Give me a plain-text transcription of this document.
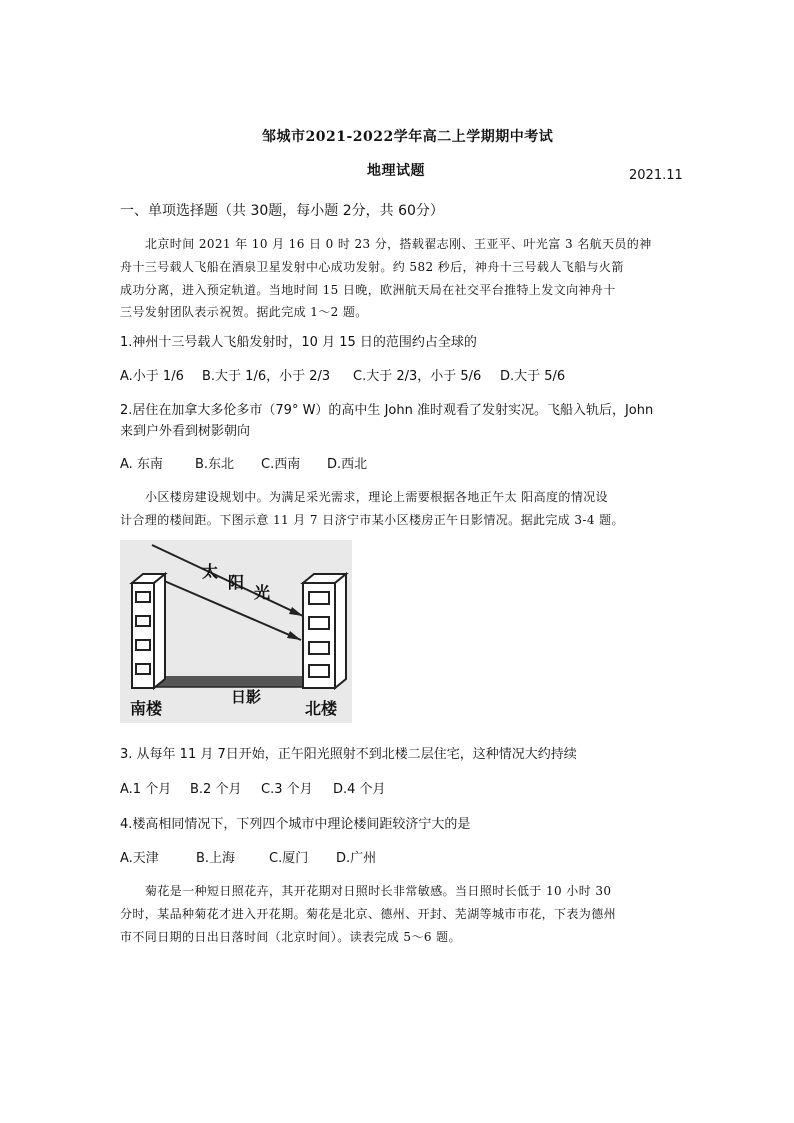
邹城市2021-2022学年高二上学期期中考试
地理试题	2021.11
一、单项选择题（共 30题，每小题 2分，共 60分）
北京时间 2021 年 10 月 16 日 0 时 23 分，搭载翟志刚、王亚平、叶光富 3 名航天员的神
舟十三号载人飞船在酒泉卫星发射中心成功发射。约 582 秒后，神舟十三号载人飞船与火箭
成功分离，进入预定轨道。当地时间 15 日晚，欧洲航天局在社交平台推特上发文向神舟十
三号发射团队表示祝贺。据此完成 1～2 题。
1.神州十三号载人飞船发射时，10 月 15 日的范围约占全球的
A.小于 1/6 B.大于 1/6，小于 2/3 C.大于 2/3，小于 5/6 D.大于 5/6
2.居住在加拿大多伦多市（79° W）的高中生 John 准时观看了发射实况。飞船入轨后，John
来到户外看到树影朝向
A. 东南 B.东北 C.西南 D.西北
小区楼房建设规划中。为满足采光需求，理论上需要根据各地正午太 阳高度的情况设
计合理的楼间距。下图示意 11 月 7 日济宁市某小区楼房正午日影情况。据此完成 3-4 题。
太
阳
光
日影
南楼	北楼
3. 从每年 11 月 7日开始，正午阳光照射不到北楼二层住宅，这种情况大约持续
A.1 个月 B.2 个月 C.3 个月 D.4 个月
4.楼高相同情况下，下列四个城市中理论楼间距较济宁大的是
A.天津	B.上海	C.厦门 D.广州
菊花是一种短日照花卉，其开花期对日照时长非常敏感。当日照时长低于 10 小时 30
分时，某品种菊花才进入开花期。菊花是北京、德州、开封、芜湖等城市市花，下表为德州
市不同日期的日出日落时间（北京时间）。读表完成 5～6 题。
